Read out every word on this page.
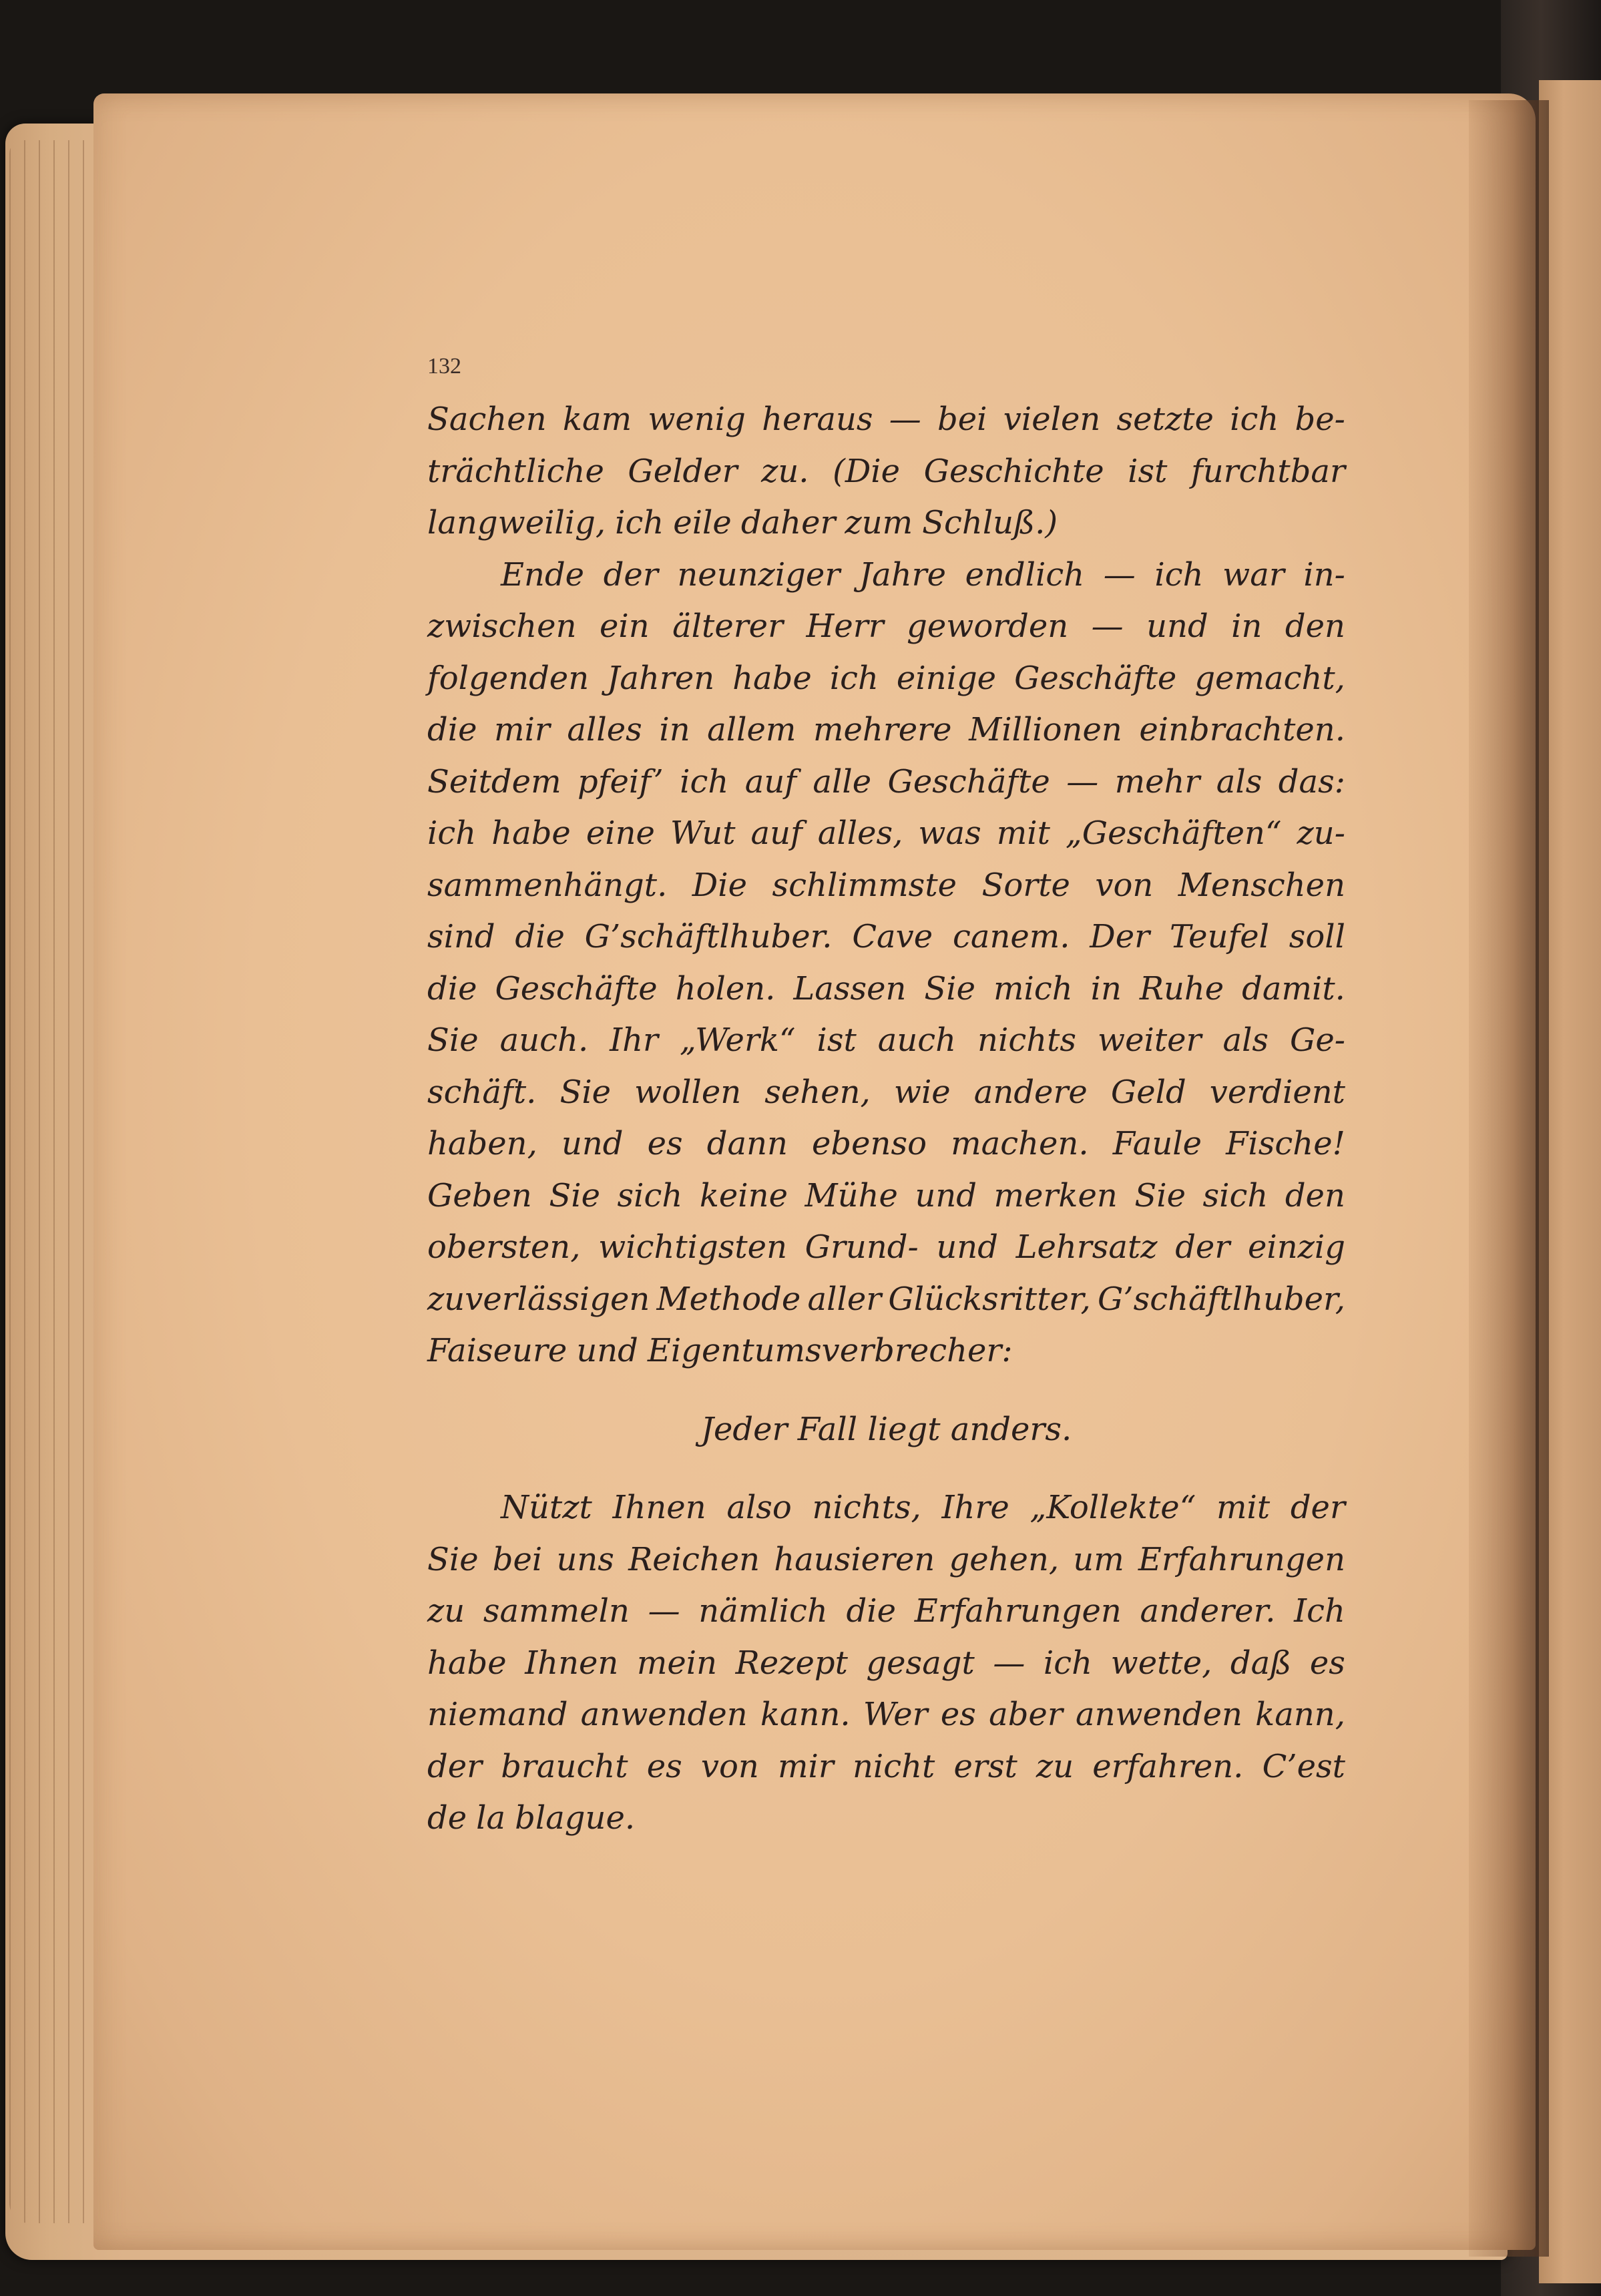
132
Sachen kam wenig heraus — bei vielen setzte ich be-
trächtliche Gelder zu. (Die Geschichte ist furchtbar
langweilig, ich eile daher zum Schluß.)
Ende der neunziger Jahre endlich — ich war in-
zwischen ein älterer Herr geworden — und in den
folgenden Jahren habe ich einige Geschäfte gemacht,
die mir alles in allem mehrere Millionen einbrachten.
Seitdem pfeif’ ich auf alle Geschäfte — mehr als das:
ich habe eine Wut auf alles, was mit „Geschäften“ zu-
sammenhängt. Die schlimmste Sorte von Menschen
sind die G’schäftlhuber. Cave canem. Der Teufel soll
die Geschäfte holen. Lassen Sie mich in Ruhe damit.
Sie auch. Ihr „Werk“ ist auch nichts weiter als Ge-
schäft. Sie wollen sehen, wie andere Geld verdient
haben, und es dann ebenso machen. Faule Fische!
Geben Sie sich keine Mühe und merken Sie sich den
obersten, wichtigsten Grund- und Lehrsatz der einzig
zuverlässigen Methode aller Glücksritter, G’schäftlhuber,
Faiseure und Eigentumsverbrecher:
Jeder Fall liegt anders.
Nützt Ihnen also nichts, Ihre „Kollekte“ mit der
Sie bei uns Reichen hausieren gehen, um Erfahrungen
zu sammeln — nämlich die Erfahrungen anderer. Ich
habe Ihnen mein Rezept gesagt — ich wette, daß es
niemand anwenden kann. Wer es aber anwenden kann,
der braucht es von mir nicht erst zu erfahren. C’est
de la blague.
